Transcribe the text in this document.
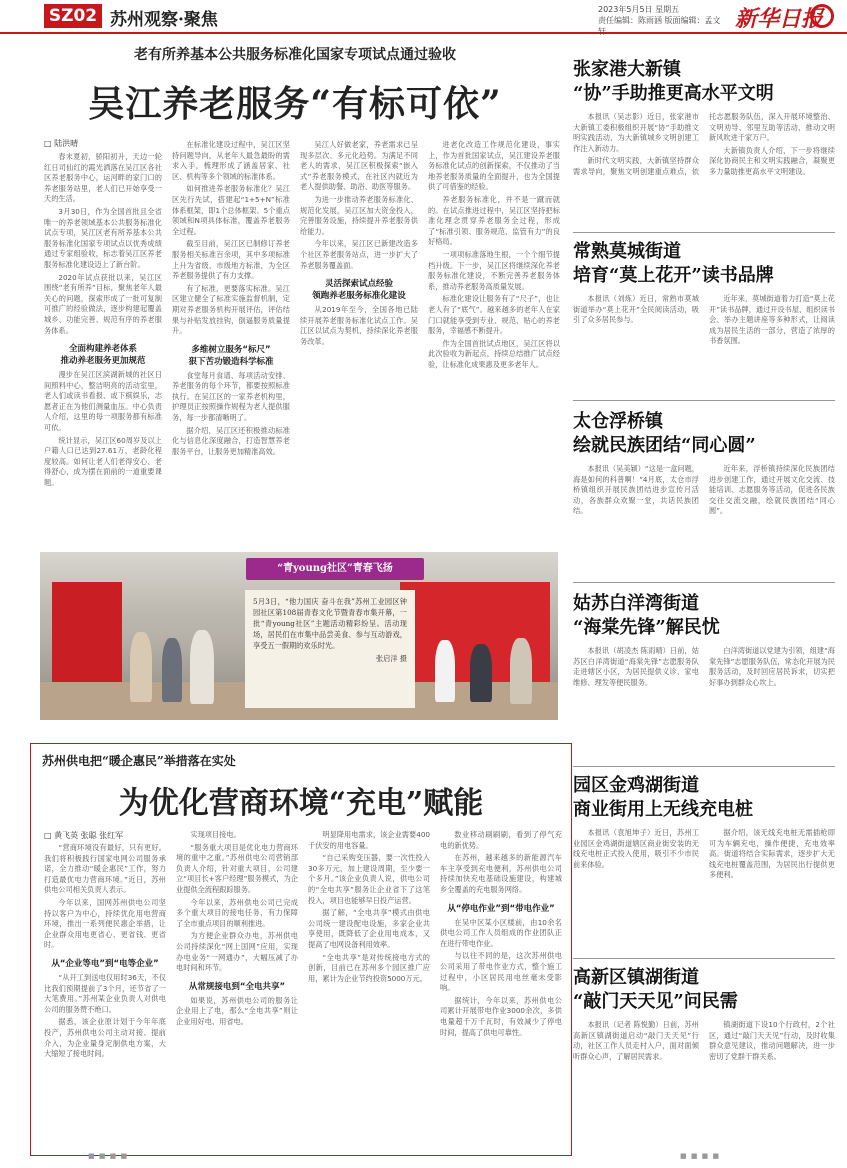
SZ02 苏州观察·聚焦
2023年5月5日 星期五
责任编辑：陈雨涵 版面编辑：孟文轩	新华日报
老有所养基本公共服务标准化国家专项试点通过验收
吴江养老服务“有标可依”
□ 陆洪晴

春末夏初，骄阳初升，天边一轮红日司仙红的霞光洒落在吴江区各社区养老服务中心，运河畔的家门口的养老服务站里，老人们已开始享受一天的生活。

3月30日，作为全国首批且全省唯一的养老领域基本公共服务标准化试点专项，吴江区老有所养基本公共服务标准化国家专项试点以优秀成绩通过专家组验收，标志着吴江区养老服务标准化建设迈上了新台阶。

2020年试点获批以来，吴江区围绕“老有所养”目标，聚焦老年人最关心的问题，探索形成了一批可复制可推广的经验做法，逐步构建起覆盖城乡、功能完善、规范有序的养老服务体系。

全面构建养老体系
推动养老服务更加规范

漫步在吴江区滨湖新城的社区日间照料中心，整洁明亮的活动室里，老人们或读书看报、或下棋娱乐，志愿者正在为他们测量血压。中心负责人介绍，这里的每一项服务都有标准可依。

统计显示，吴江区60周岁及以上户籍人口已达到27.61万，老龄化程度较高。如何让老人们老得安心、老得舒心，成为摆在面前的一道重要课题。

在标准化建设过程中，吴江区坚持问题导向，从老年人最急最盼的需求入手，梳理形成了涵盖居家、社区、机构等多个领域的标准体系。

如何推进养老服务标准化？吴江区先行先试，搭建起“1+5+N”标准体系框架，即1个总体框架、5个重点领域和N项具体标准，覆盖养老服务全过程。

截至目前，吴江区已制修订养老服务相关标准百余项，其中多项标准上升为省级、市级地方标准，为全区养老服务提供了有力支撑。

有了标准，更要落实标准。吴江区建立健全了标准实施监督机制，定期对养老服务机构开展评估，评估结果与补贴发放挂钩，倒逼服务质量提升。

多维树立服务“标尺”
狠下苦功锻造科学标准

食堂每月食谱、每项活动安排、养老服务的每个环节，都要按照标准执行。在吴江区的一家养老机构里，护理员正按照操作规程为老人提供服务，每一步都清晰明了。

据介绍，吴江区还积极推动标准化与信息化深度融合，打造智慧养老服务平台，让服务更加精准高效。

吴江人好做老家，养老需求已呈现多层次、多元化趋势。为满足不同老人的需求，吴江区积极探索“嵌入式”养老服务模式，在社区内就近为老人提供助餐、助浴、助医等服务。

为进一步推动养老服务标准化、规范化发展，吴江区加大资金投入，完善服务设施，持续提升养老服务供给能力。

今年以来，吴江区已新建改造多个社区养老服务站点，进一步扩大了养老服务覆盖面。

灵活探索试点经验
领跑养老服务标准化建设

从2019年至今，全国各地已陆续开展养老服务标准化试点工作。吴江区以试点为契机，持续深化养老服务改革。

进老化改造工作规范化建设，事实上，作为首批国家试点，吴江建设养老服务标准化试点的创新探索，不仅推动了当地养老服务质量的全面提升，也为全国提供了可借鉴的经验。

养老服务标准化，并不是一蹴而就的。在试点推进过程中，吴江区坚持把标准化理念贯穿养老服务全过程，形成了“标准引领、服务规范、监管有力”的良好格局。

一项项标准落地生根，一个个细节提档升级。下一步，吴江区将继续深化养老服务标准化建设，不断完善养老服务体系，推动养老服务高质量发展。

标准化建设让服务有了“尺子”，也让老人有了“底气”。越来越多的老年人在家门口就能享受到专业、规范、贴心的养老服务，幸福感不断提升。

作为全国首批试点地区，吴江区将以此次验收为新起点，持续总结推广试点经验，让标准化成果惠及更多老年人。

“青young社区”青春飞扬
5月3日，“他力国庆 奋斗在我”苏州工业园区钟园社区第108届青春文化节暨青春市集开幕，一批“青young社区”主题活动精彩纷呈。活动现场，居民们在市集中品尝美食、参与互动游戏，享受五一假期的欢乐时光。
张启洋 摄
苏州供电把“暖企惠民”举措落在实处
为优化营商环境“充电”赋能
□ 黄飞英 张聪 张红军

“营商环境没有最好，只有更好。我们将积极践行国家电网公司服务承诺，全力推动“暖企惠民”工作，努力打造最优电力营商环境。”近日，苏州供电公司相关负责人表示。

今年以来，国网苏州供电公司坚持以客户为中心，持续优化用电营商环境，推出一系列便民惠企举措，让企业群众用电更省心、更省钱、更省时。

从“企业等电”到“电等企业”

“从开工到送电仅用时36天，不仅比我们预期提前了3个月，还节省了一大笔费用。”苏州某企业负责人对供电公司的服务赞不绝口。

据悉，该企业原计划于今年年底投产，苏州供电公司主动对接、提前介入，为企业量身定制供电方案，大大缩短了接电时间。

实现项目接电。

“服务重大项目是优化电力营商环境的重中之重。”苏州供电公司营销部负责人介绍，针对重大项目，公司建立“项目长+客户经理”服务模式，为企业提供全流程跟踪服务。

今年以来，苏州供电公司已完成多个重大项目的接电任务，有力保障了全市重点项目的顺利推进。

为方便企业群众办电，苏州供电公司持续深化“网上国网”应用，实现办电业务“一网通办”，大幅压减了办电时间和环节。

从常规接电到“全电共享”

如果说，苏州供电公司的服务让企业用上了电，那么“全电共享”则让企业用好电、用省电。

明显降用电需求，该企业需要400千伏安的用电容量。

“自己采购变压器，要一次性投入30多万元，加上建设周期，至少要一个多月。”该企业负责人说，供电公司的“全电共享”服务让企业省下了这笔投入，项目也能够早日投产运营。

据了解，“全电共享”模式由供电公司统一建设配电设施，多家企业共享使用，既降低了企业用电成本，又提高了电网设备利用效率。

“全电共享”是对传统接电方式的创新，目前已在苏州多个园区推广应用，累计为企业节约投资5000万元。

数业移动刷刷刷，看到了停气充电的新优势。

在苏州，越来越多的新能源汽车车主享受到充电便利，苏州供电公司持续加快充电基础设施建设，构建城乡全覆盖的充电服务网络。

从“停电作业”到“带电作业”

在吴中区某小区楼前，由10余名供电公司工作人员组成的作业团队正在进行带电作业。

与以往不同的是，这次苏州供电公司采用了带电作业方式，整个施工过程中，小区居民用电丝毫未受影响。

据统计，今年以来，苏州供电公司累计开展带电作业3000余次，多供电量超千万千瓦时，有效减少了停电时间，提高了供电可靠性。

张家港大新镇
“协”手助推更高水平文明

本报讯（吴志影）近日，张家港市大新镇工委积极组织开展“协”手助推文明实践活动，为大新镇城乡文明创建工作注入新动力。

新时代文明实践，大新镇坚持群众需求导向，聚焦文明创建重点难点，依托志愿服务队伍，深入开展环境整治、文明劝导、邻里互助等活动，推动文明新风吹进千家万户。

大新镇负责人介绍，下一步将继续深化协商民主和文明实践融合，凝聚更多力量助推更高水平文明建设。

常熟莫城街道
培育“莫上花开”读书品牌

本报讯（刘炼）近日，常熟市莫城街道举办“莫上花开”全民阅读活动，吸引了众多居民参与。

近年来，莫城街道着力打造“莫上花开”读书品牌，通过开设书屋、组织读书会、举办主题讲座等多种形式，让阅读成为居民生活的一部分，营造了浓厚的书香氛围。

太仓浮桥镇
绘就民族团结“同心圆”

本报讯（吴美颖）“这是一盒问题，海是如何的科普啊！”4月底，太仓市浮桥镇组织开展民族团结进步宣传月活动，各族群众欢聚一堂，共话民族团结。

近年来，浮桥镇持续深化民族团结进步创建工作，通过开展文化交流、技能培训、志愿服务等活动，促进各民族交往交流交融，绘就民族团结“同心圆”。

姑苏白洋湾街道
“海棠先锋”解民忧

本报讯（胡凌杰 陈雨晴）日前，姑苏区白洋湾街道“海棠先锋”志愿服务队走进辖区小区，为居民提供义诊、家电维修、理发等便民服务。

白洋湾街道以党建为引领，组建“海棠先锋”志愿服务队伍，常态化开展为民服务活动，及时回应居民诉求，切实把好事办到群众心坎上。

园区金鸡湖街道
商业街用上无线充电桩

本报讯（袁旭坤子）近日，苏州工业园区金鸡湖街道辖区商业街安装的无线充电桩正式投入使用，吸引不少市民前来体验。

据介绍，该无线充电桩无需插枪即可为车辆充电，操作便捷，充电效率高。街道将结合实际需求，逐步扩大无线充电桩覆盖范围，为居民出行提供更多便利。

高新区镇湖街道
“敲门天天见”问民需

本报讯（记者 陈悦勤）日前，苏州高新区镇湖街道启动“敲门天天见”行动，社区工作人员走村入户，面对面倾听群众心声，了解居民需求。

镇湖街道下设10个行政村，2个社区，通过“敲门天天见”行动，及时收集群众意见建议，推动问题解决，进一步密切了党群干群关系。

■ ■ ■ ■	■ ■ ■ ■
